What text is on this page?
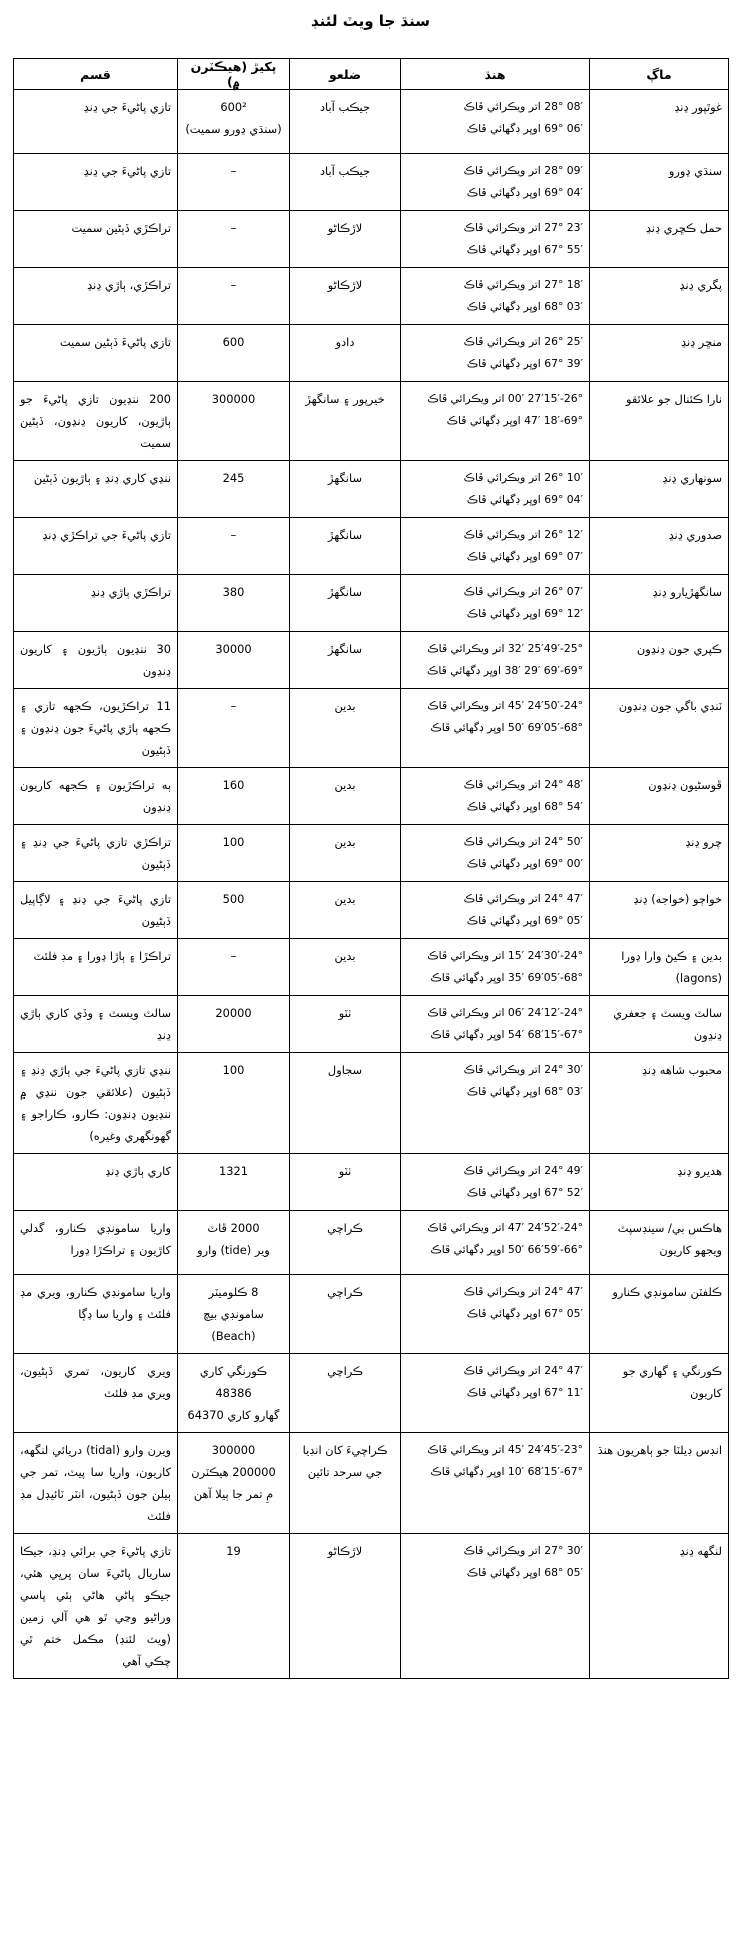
سنڌ جا ويٽ لئنڊ
ماڳ	هنڌ	ضلعو	پکيڙ (هيڪٽرن ۾)	قسم

غوٿپور ڍنڍ	08′ 28° اتر ويڪرائي ڦاڪ
06′ 69° اوڀر ڊگهائي ڦاڪ	جيڪب آباد	600²
(سنڌي ڍورو سميت)	تازي پاڻيءَ جي ڍنڍ

سنڌي ڍورو	09′ 28° اتر ويڪرائي ڦاڪ
04′ 69° اوڀر ڊگهائي ڦاڪ	جيڪب آباد	–	تازي پاڻيءَ جي ڍنڍ

حمل ڪڇري ڍنڍ	23′ 27° اتر ويڪرائي ڦاڪ
55′ 67° اوڀر ڊگهائي ڦاڪ	لاڙڪاڻو	–	تراڪڙي ڏٻڻين سميت

پگري ڍنڍ	18′ 27° اتر ويڪرائي ڦاڪ
03′ 68° اوڀر ڊگهائي ڦاڪ	لاڙڪاڻو	–	تراڪڙي، ٻاڙي ڍنڍ

منڇر ڍنڍ	25′ 26° اتر ويڪرائي ڦاڪ
39′ 67° اوڀر ڊگهائي ڦاڪ	دادو	600	تازي پاڻيءَ ڏٻڻين سميت

نارا ڪئنال جو علائقو	26°-27′15′ 00′ اتر ويڪرائي ڦاڪ
69°-18′ 47′ اوڀر ڊگهائي ڦاڪ	خيرپور ۽ سانگهڙ	300000	200 ننڍيون تازي پاڻيءَ جو ٻاڙيون، کاريون ڍنڍون، ڏٻڻين سميت

سونهاري ڍنڍ	10′ 26° اتر ويڪرائي ڦاڪ
04′ 69° اوڀر ڊگهائي ڦاڪ	سانگهڙ	245	ننڍي کاري ڍنڍ ۽ ٻاڙيون ڏٻڻين

صدوري ڍنڍ	12′ 26° اتر ويڪرائي ڦاڪ
07′ 69° اوڀر ڊگهائي ڦاڪ	سانگهڙ	–	تازي پاڻيءَ جي تراڪڙي ڍنڍ

سانگهڙيارو ڍنڍ	07′ 26° اتر ويڪرائي ڦاڪ
12′ 69° اوڀر ڊگهائي ڦاڪ	سانگهڙ	380	تراڪڙي ٻاڙي ڍنڍ

ڪپري جون ڍنڍون	25°-25′49′ 32′ اتر ويڪرائي ڦاڪ
69°-69′ 29′ 38′ اوڀر ڊگهائي ڦاڪ	سانگهڙ	30000	30 ننڍيون ٻاڙيون ۽ کاريون ڍنڍون

ٽنڊي باگي جون ڍنڍون	24°-24′50′ 45′ اتر ويڪرائي ڦاڪ
68°-69′05′ 50′ اوڀر ڊگهائي ڦاڪ	بدين	–	11 تراڪڙيون، ڪجهه تازي ۽ ڪجهه ٻاڙي پاڻيءَ جون ڍنڍون ۽ ڏٻڻيون

ڦوسڻيون ڍنڍون	48′ 24° اتر ويڪرائي ڦاڪ
54′ 68° اوڀر ڊگهائي ڦاڪ	بدين	160	ٻه تراڪڙيون ۽ ڪجهه کاريون ڍنڍون

چرو ڍنڍ	50′ 24° اتر ويڪرائي ڦاڪ
00′ 69° اوڀر ڊگهائي ڦاڪ	بدين	100	تراڪڙي تازي پاڻيءَ جي ڍنڍ ۽ ڏٻڻيون

خواڄو (خواجه) ڍنڍ	47′ 24° اتر ويڪرائي ڦاڪ
05′ 69° اوڀر ڊگهائي ڦاڪ	بدين	500	تازي پاڻيءَ جي ڍنڍ ۽ لاڳاپيل ڏٻڻيون

بدين ۽ ڪيڻ وارا ڍورا (lagons)	24°-24′30′ 15′ اتر ويڪرائي ڦاڪ
68°-69′05′ 35′ اوڀر ڊگهائي ڦاڪ	بدين	–	تراڪڙا ۽ ٻاڙا ڍورا ۽ مڊ فلئٽ

سالٽ ويسٽ ۽ جعفري ڍنڍون	24°-24′12′ 06′ اتر ويڪرائي ڦاڪ
67°-68′15′ 54′ اوڀر ڊگهائي ڦاڪ	ٺٽو	20000	سالٽ ويسٽ ۽ وڏي کاري ٻاڙي ڍنڍ

محبوب شاهه ڍنڍ	30′ 24° اتر ويڪرائي ڦاڪ
03′ 68° اوڀر ڊگهائي ڦاڪ	سجاول	100	ننڍي تازي پاڻيءَ جي ٻاڙي ڍنڍ ۽ ڏٻڻيون (علائقي جون ننڍي ۾ ننڍيون ڍنڍون: ڪارو، ڪاراجو ۽ گهونگهري وغيره)

هديرو ڍنڍ	49′ 24° اتر ويڪرائي ڦاڪ
52′ 67° اوڀر ڊگهائي ڦاڪ	ٺٽو	1321	کاري ٻاڙي ڍنڍ

هاڪس بي/ سينڊسپٽ ويجهو کاريون	24°-24′52′ 47′ اتر ويڪرائي ڦاڪ
66°-66′59′ 50′ اوڀر ڊگهائي ڦاڪ	ڪراچي	2000 ڦاٽ
وير (tide) وارو	واريا سامونڊي ڪنارو، گدلي کاڙيون ۽ تراڪڙا ڍورا

ڪلفٽن سامونڊي ڪنارو	47′ 24° اتر ويڪرائي ڦاڪ
05′ 67° اوڀر ڊگهائي ڦاڪ	ڪراچي	8 ڪلوميٽر
سامونڊي بيچ
(Beach)	واريا سامونڊي ڪنارو، ويري مڊ فلئٽ ۽ واريا سا ڍڳا

ڪورنگي ۽ گهاري جو کاريون	47′ 24° اتر ويڪرائي ڦاڪ
11′ 67° اوڀر ڊگهائي ڦاڪ	ڪراچي	ڪورنگي کاري
48386
گهارو کاري 64370	ويري کاريون، تمري ڏٻڻيون، ويري مڊ فلئٽ

انڊس ڊيلٽا جو ٻاهريون هنڌ	23°-24′45′ 45′ اتر ويڪرائي ڦاڪ
67°-68′15′ 10′ اوڀر ڊگهائي ڦاڪ	ڪراچيءَ کان انڊيا جي سرحد تائين	300000
200000 هيڪٽرن
مِ تمر جا ٻيلا آهن	ويرن وارو (tidal) دريائي لنگهه، کاريون، واريا سا پيٽ، تمر جي ٻيلن جون ڏٻڻيون، انٽر ٽائيڊل مڊ فلئٽ

لنگهه ڍنڍ	30′ 27° اتر ويڪرائي ڦاڪ
05′ 68° اوڀر ڊگهائي ڦاڪ	لاڙڪاڻو	19	تازي پاڻيءَ جي برائي ڍنڍ، جيڪا ساريال پاڻيءَ سان ڀرڀي هئي، جيڪو پاڻي هاڻي ٻئي پاسي وراڻيو وڃي ٿو هي آلي زمين (ويٽ لئنڊ) مڪمل ختم ٿي چڪي آهي
